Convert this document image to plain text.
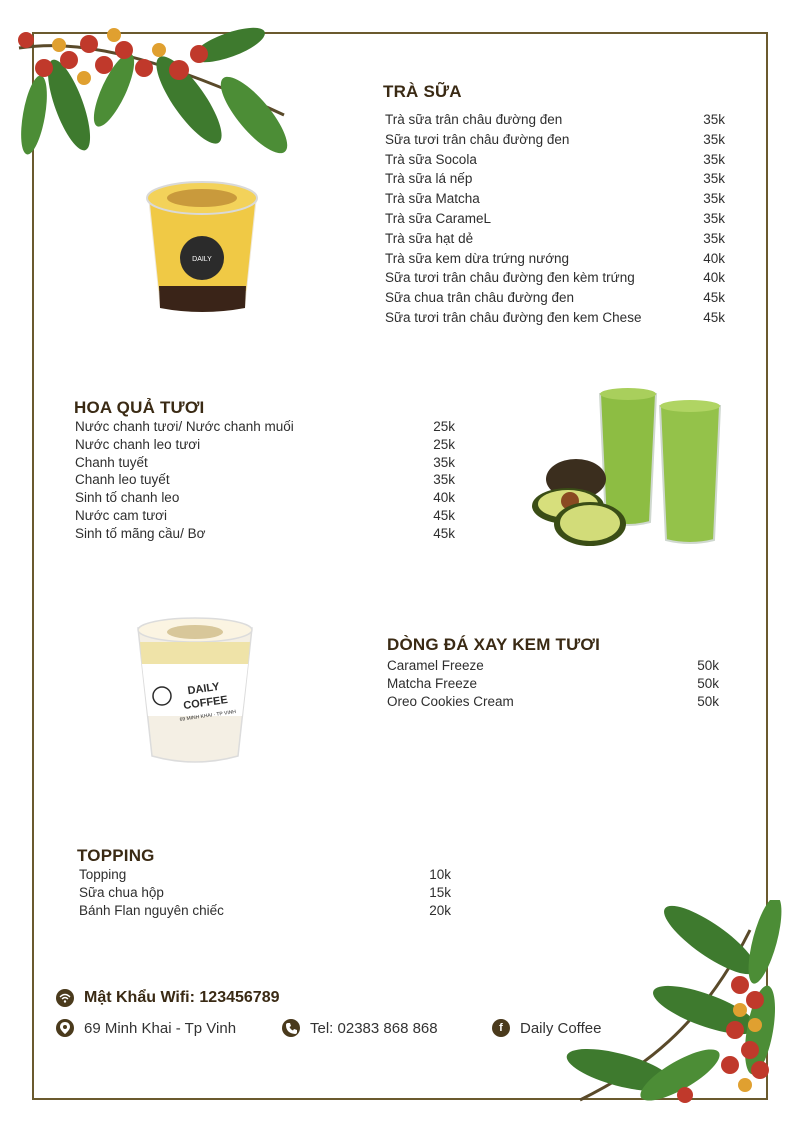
TRÀ SỮA
Trà sữa trân châu đường đen	35k
Sữa tươi trân châu đường đen	35k
Trà sữa Socola	35k
Trà sữa lá nếp	35k
Trà sữa Matcha	35k
Trà sữa CarameL	35k
Trà sữa hạt dẻ	35k
Trà sữa kem dừa trứng nướng	40k
Sữa tươi trân châu đường đen kèm trứng	40k
Sữa chua trân châu đường đen	45k
Sữa tươi trân châu đường đen kem Chese	45k
DAILY
HOA QUẢ TƯƠI
Nước chanh tươi/ Nước chanh muối	25k
Nước chanh leo tươi	25k
Chanh tuyết	35k
Chanh leo tuyết	35k
Sinh tố chanh leo	40k
Nước cam tươi	45k
Sinh tố mãng cầu/ Bơ	45k
DAILY
COFFEE
69 MINH KHAI · TP VINH
DÒNG ĐÁ XAY KEM TƯƠI
Caramel Freeze	50k
Matcha Freeze	50k
Oreo Cookies Cream	50k
TOPPING
Topping	10k
Sữa chua hộp	15k
Bánh Flan nguyên chiếc	20k
Mật Khẩu Wifi: 123456789
69 Minh Khai - Tp Vinh	Tel: 02383 868 868	f	Daily Coffee
